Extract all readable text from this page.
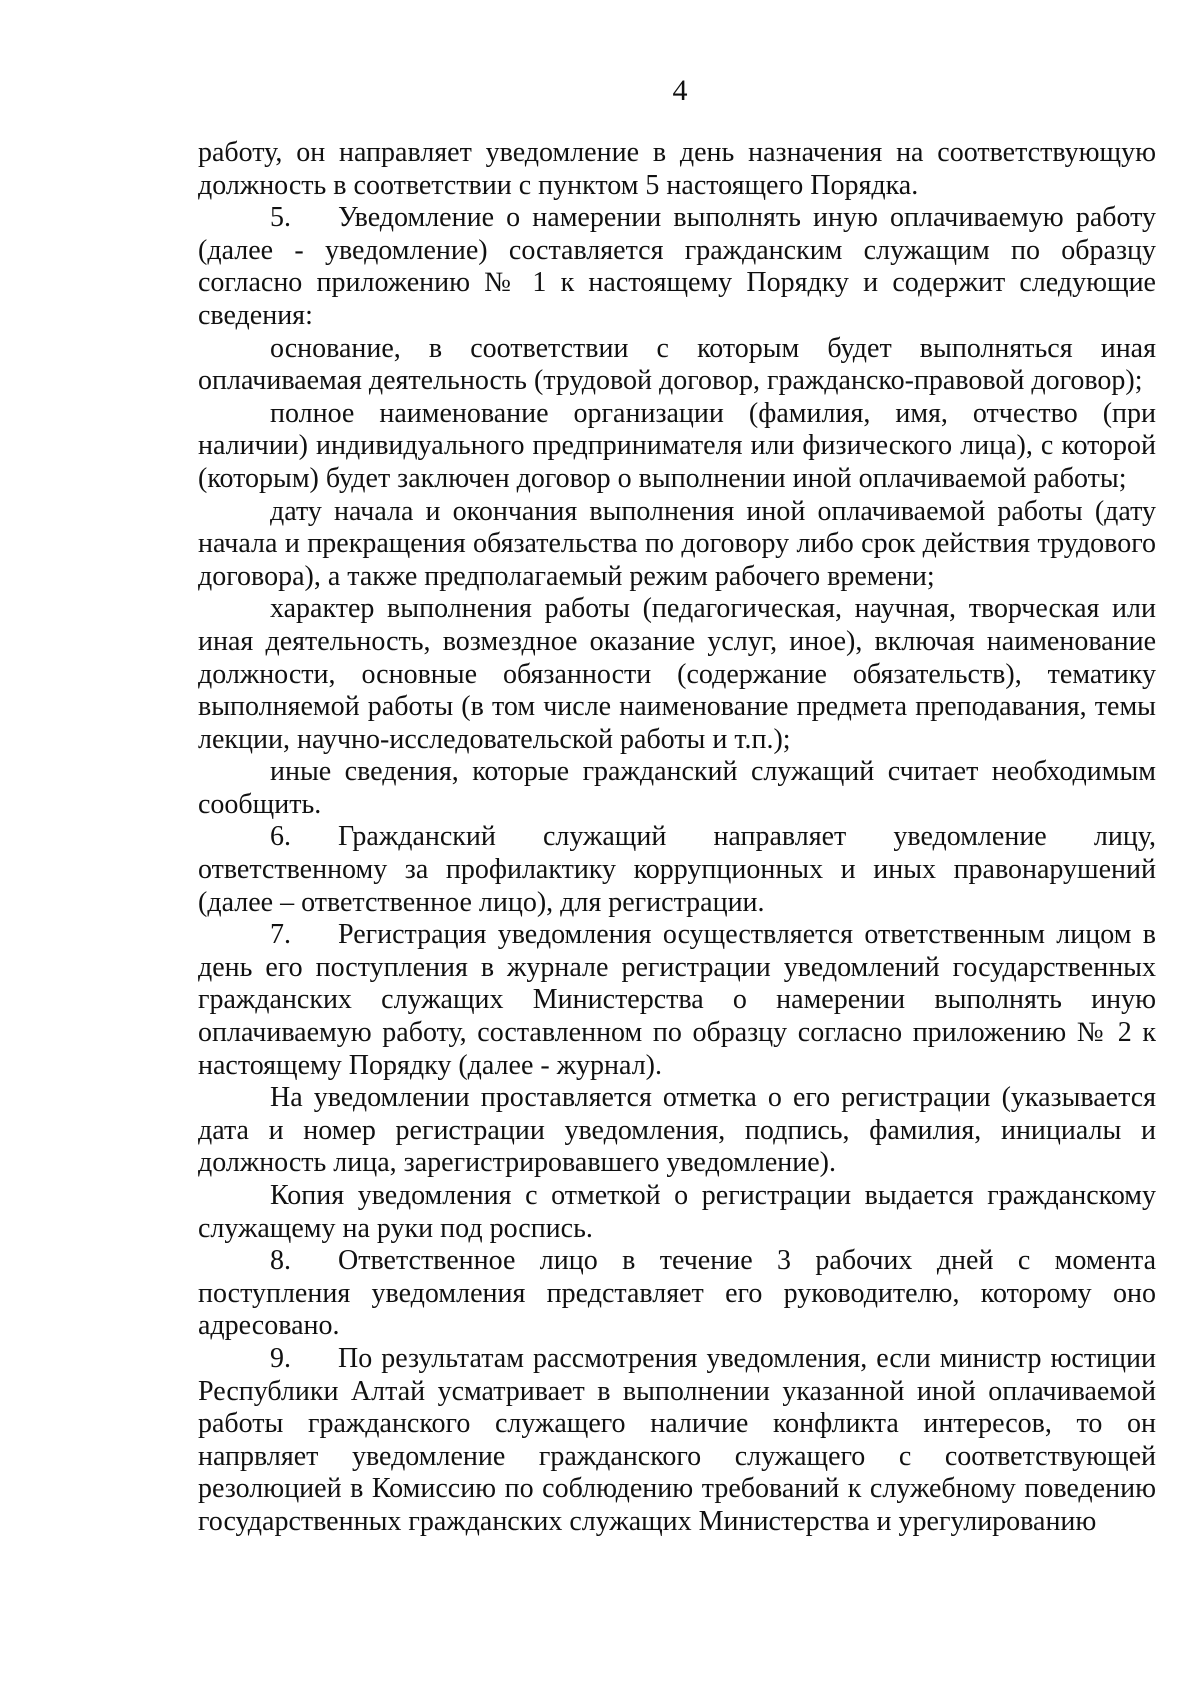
4

работу, он направляет уведомление в день назначения на соответствующую должность в соответствии с пунктом 5 настоящего Порядка.

5. Уведомление о намерении выполнять иную оплачиваемую работу (далее - уведомление) составляется гражданским служащим по образцу согласно приложению № 1 к настоящему Порядку и содержит следующие сведения:

основание, в соответствии с которым будет выполняться иная оплачиваемая деятельность (трудовой договор, гражданско-правовой договор);

полное наименование организации (фамилия, имя, отчество (при наличии) индивидуального предпринимателя или физического лица), с которой (которым) будет заключен договор о выполнении иной оплачиваемой работы;

дату начала и окончания выполнения иной оплачиваемой работы (дату начала и прекращения обязательства по договору либо срок действия трудового договора), а также предполагаемый режим рабочего времени;

характер выполнения работы (педагогическая, научная, творческая или иная деятельность, возмездное оказание услуг, иное), включая наименование должности, основные обязанности (содержание обязательств), тематику выполняемой работы (в том числе наименование предмета преподавания, темы лекции, научно-исследовательской работы и т.п.);

иные сведения, которые гражданский служащий считает необходимым сообщить.

6. Гражданский служащий направляет уведомление лицу, ответственному за профилактику коррупционных и иных правонарушений (далее – ответственное лицо), для регистрации.

7. Регистрация уведомления осуществляется ответственным лицом в день его поступления в журнале регистрации уведомлений государственных гражданских служащих Министерства о намерении выполнять иную оплачиваемую работу, составленном по образцу согласно приложению № 2 к настоящему Порядку (далее - журнал).

На уведомлении проставляется отметка о его регистрации (указывается дата и номер регистрации уведомления, подпись, фамилия, инициалы и должность лица, зарегистрировавшего уведомление).

Копия уведомления с отметкой о регистрации выдается гражданскому служащему на руки под роспись.

8. Ответственное лицо в течение 3 рабочих дней с момента поступления уведомления представляет его руководителю, которому оно адресовано.

9. По результатам рассмотрения уведомления, если министр юстиции Республики Алтай усматривает в выполнении указанной иной оплачиваемой работы гражданского служащего наличие конфликта интересов, то он напрвляет уведомление гражданского служащего с соответствующей резолюцией в Комиссию по соблюдению требований к служебному поведению государственных гражданских служащих Министерства и урегулированию
